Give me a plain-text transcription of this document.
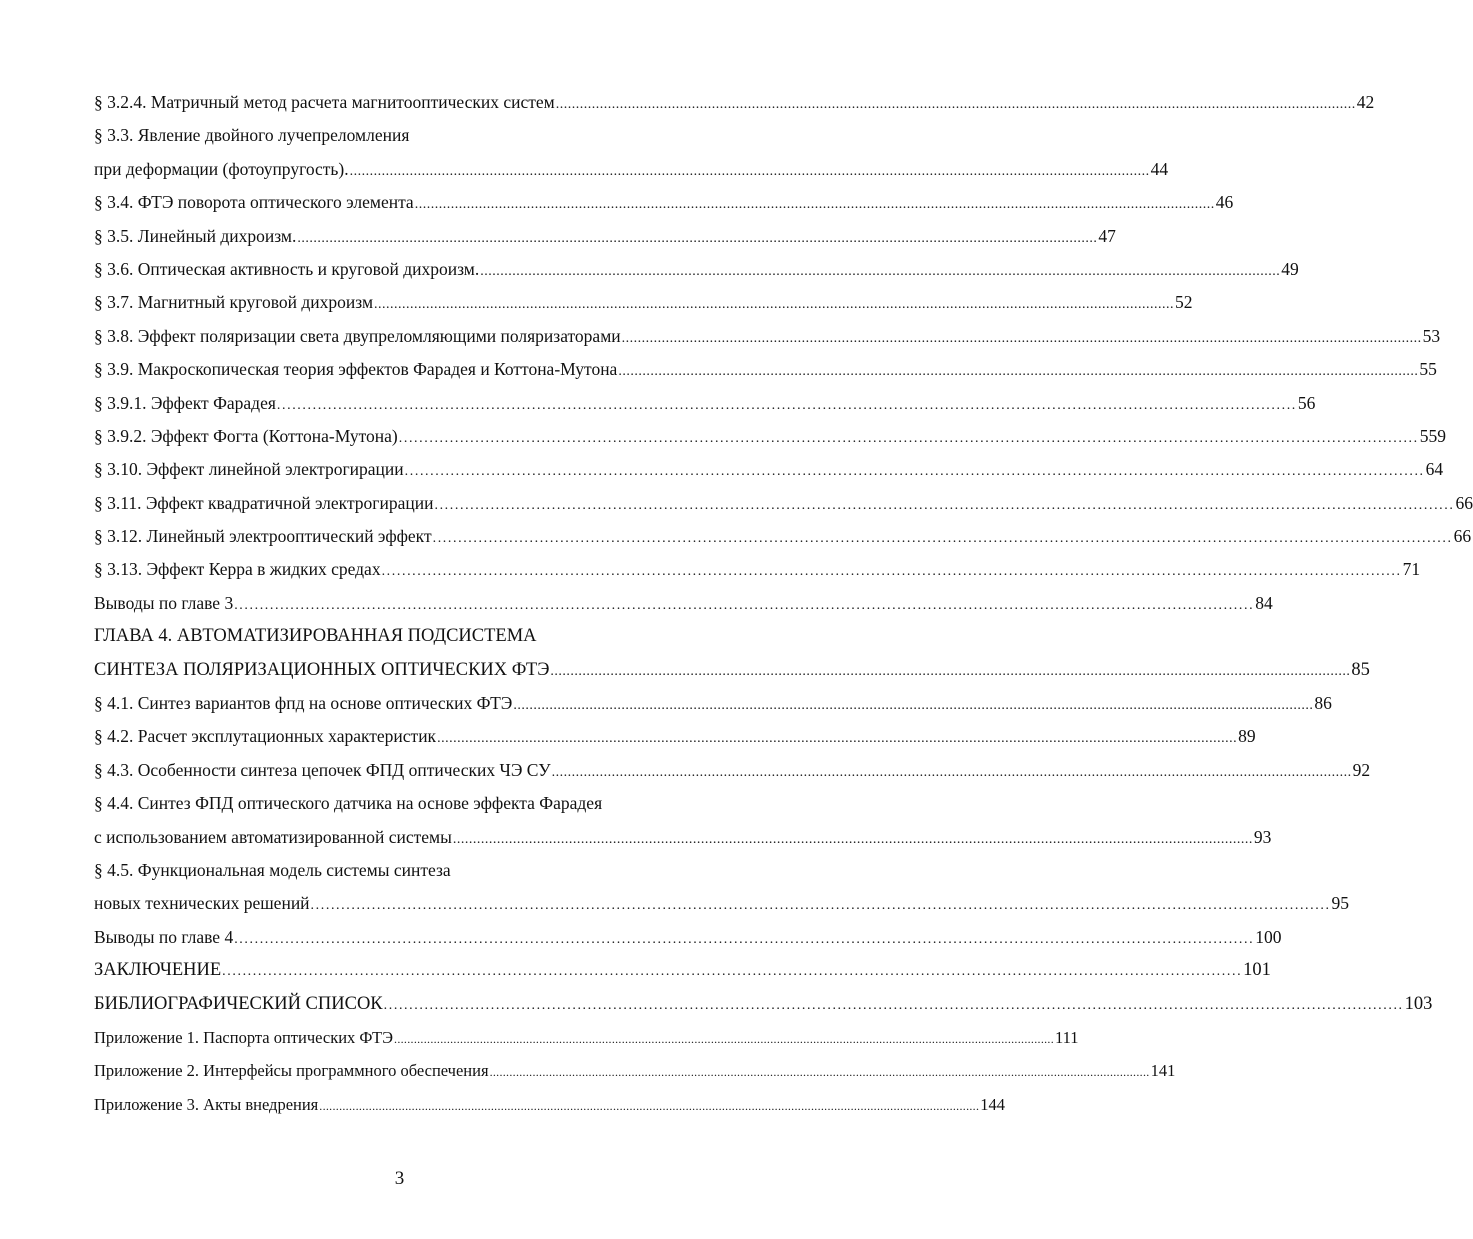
§ 3.2.4. Матричный метод расчета магнитооптических систем ........................................................................................................................................................................................................ 42
§ 3.3. Явление двойного лучепреломления
при деформации (фотоупругость). ........................................................................................................................................................................................................ 44
§ 3.4. ФТЭ поворота оптического элемента ........................................................................................................................................................................................................ 46
§ 3.5. Линейный дихроизм. ........................................................................................................................................................................................................ 47
§ 3.6. Оптическая активность и круговой дихроизм. ........................................................................................................................................................................................................ 49
§ 3.7. Магнитный круговой дихроизм ........................................................................................................................................................................................................ 52
§ 3.8. Эффект поляризации света двупреломляющими поляризаторами ........................................................................................................................................................................................................ 53
§ 3.9. Макроскопическая теория эффектов Фарадея и Коттона-Мутона ........................................................................................................................................................................................................ 55
§ 3.9.1. Эффект Фарадея ........................................................................................................................................................................................................ 56
§ 3.9.2. Эффект Фогта (Коттона-Мутона) ........................................................................................................................................................................................................ 559
§ 3.10. Эффект линейной электрогирации ........................................................................................................................................................................................................ 64
§ 3.11. Эффект квадратичной электрогирации ........................................................................................................................................................................................................ 66
§ 3.12. Линейный электрооптический эффект ........................................................................................................................................................................................................ 66
§ 3.13. Эффект Керра в жидких средах ........................................................................................................................................................................................................ 71
Выводы по главе 3 ........................................................................................................................................................................................................ 84
ГЛАВА 4. АВТОМАТИЗИРОВАННАЯ ПОДСИСТЕМА
СИНТЕЗА ПОЛЯРИЗАЦИОННЫХ ОПТИЧЕСКИХ ФТЭ ........................................................................................................................................................................................................ 85
§ 4.1. Синтез вариантов фпд на основе оптических ФТЭ ........................................................................................................................................................................................................ 86
§ 4.2. Расчет эксплутационных характеристик ........................................................................................................................................................................................................ 89
§ 4.3. Особенности синтеза цепочек ФПД оптических ЧЭ СУ ........................................................................................................................................................................................................ 92
§ 4.4. Синтез ФПД оптического датчика на основе эффекта Фарадея
с использованием автоматизированной системы ........................................................................................................................................................................................................ 93
§ 4.5. Функциональная модель системы синтеза
новых технических решений ........................................................................................................................................................................................................ 95
Выводы по главе 4 ........................................................................................................................................................................................................ 100
ЗАКЛЮЧЕНИЕ ........................................................................................................................................................................................................ 101
БИБЛИОГРАФИЧЕСКИЙ СПИСОК ........................................................................................................................................................................................................ 103
Приложение 1. Паспорта оптических ФТЭ ........................................................................................................................................................................................................ 111
Приложение 2. Интерфейсы программного обеспечения ........................................................................................................................................................................................................ 141
Приложение 3. Акты внедрения ........................................................................................................................................................................................................ 144
3
